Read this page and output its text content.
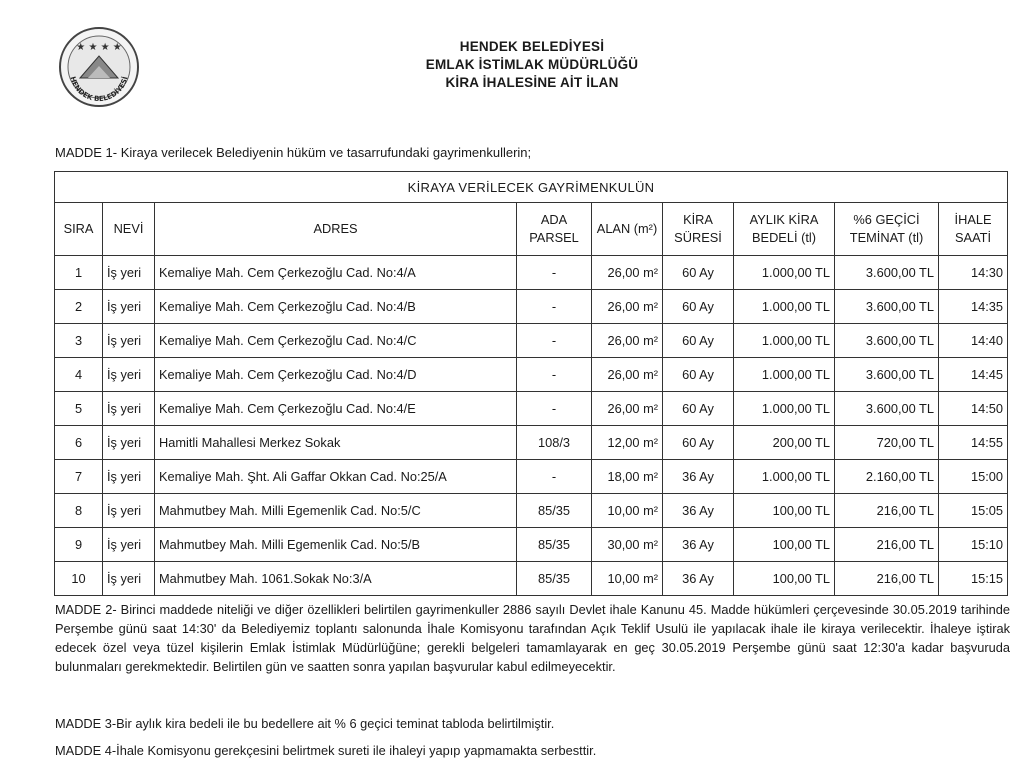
★ ★ ★ ★
HENDEK BELEDİYESİ
HENDEK BELEDİYESİ
EMLAK İSTİMLAK MÜDÜRLÜĞÜ
KİRA İHALESİNE AİT İLAN
MADDE 1- Kiraya verilecek Belediyenin hüküm ve tasarrufundaki gayrimenkullerin;
KİRAYA VERİLECEK GAYRİMENKULÜN								
SIRA	NEVİ	ADRES	ADA PARSEL	ALAN (m²)	KİRA SÜRESİ	AYLIK KİRA BEDELİ (tl)	%6 GEÇİCİ TEMİNAT (tl)	İHALE SAATİ
1	İş yeri	Kemaliye Mah. Cem Çerkezoğlu Cad. No:4/A	-	26,00 m²	60 Ay	1.000,00 TL	3.600,00 TL	14:30
2	İş yeri	Kemaliye Mah. Cem Çerkezoğlu Cad. No:4/B	-	26,00 m²	60 Ay	1.000,00 TL	3.600,00 TL	14:35
3	İş yeri	Kemaliye Mah. Cem Çerkezoğlu Cad. No:4/C	-	26,00 m²	60 Ay	1.000,00 TL	3.600,00 TL	14:40
4	İş yeri	Kemaliye Mah. Cem Çerkezoğlu Cad. No:4/D	-	26,00 m²	60 Ay	1.000,00 TL	3.600,00 TL	14:45
5	İş yeri	Kemaliye Mah. Cem Çerkezoğlu Cad. No:4/E	-	26,00 m²	60 Ay	1.000,00 TL	3.600,00 TL	14:50
6	İş yeri	Hamitli Mahallesi Merkez Sokak	108/3	12,00 m²	60 Ay	200,00 TL	720,00 TL	14:55
7	İş yeri	Kemaliye Mah. Şht. Ali Gaffar Okkan Cad. No:25/A	-	18,00 m²	36 Ay	1.000,00 TL	2.160,00 TL	15:00
8	İş yeri	Mahmutbey Mah. Milli Egemenlik Cad. No:5/C	85/35	10,00 m²	36 Ay	100,00 TL	216,00 TL	15:05
9	İş yeri	Mahmutbey Mah. Milli Egemenlik Cad. No:5/B	85/35	30,00 m²	36 Ay	100,00 TL	216,00 TL	15:10
10	İş yeri	Mahmutbey Mah. 1061.Sokak No:3/A	85/35	10,00 m²	36 Ay	100,00 TL	216,00 TL	15:15
MADDE 2- Birinci maddede niteliği ve diğer özellikleri belirtilen gayrimenkuller 2886 sayılı Devlet ihale Kanunu 45. Madde hükümleri çerçevesinde 30.05.2019 tarihinde Perşembe günü saat 14:30' da Belediyemiz toplantı salonunda İhale Komisyonu tarafından Açık Teklif Usulü ile yapılacak ihale ile kiraya verilecektir. İhaleye iştirak edecek özel veya tüzel kişilerin Emlak İstimlak Müdürlüğüne; gerekli belgeleri tamamlayarak en geç 30.05.2019 Perşembe günü saat 12:30'a kadar başvuruda bulunmaları gerekmektedir. Belirtilen gün ve saatten sonra yapılan başvurular kabul edilmeyecektir.
MADDE 3-Bir aylık kira bedeli ile bu bedellere ait % 6 geçici teminat tabloda belirtilmiştir.
MADDE 4-İhale Komisyonu gerekçesini belirtmek sureti ile ihaleyi yapıp yapmamakta serbesttir.
